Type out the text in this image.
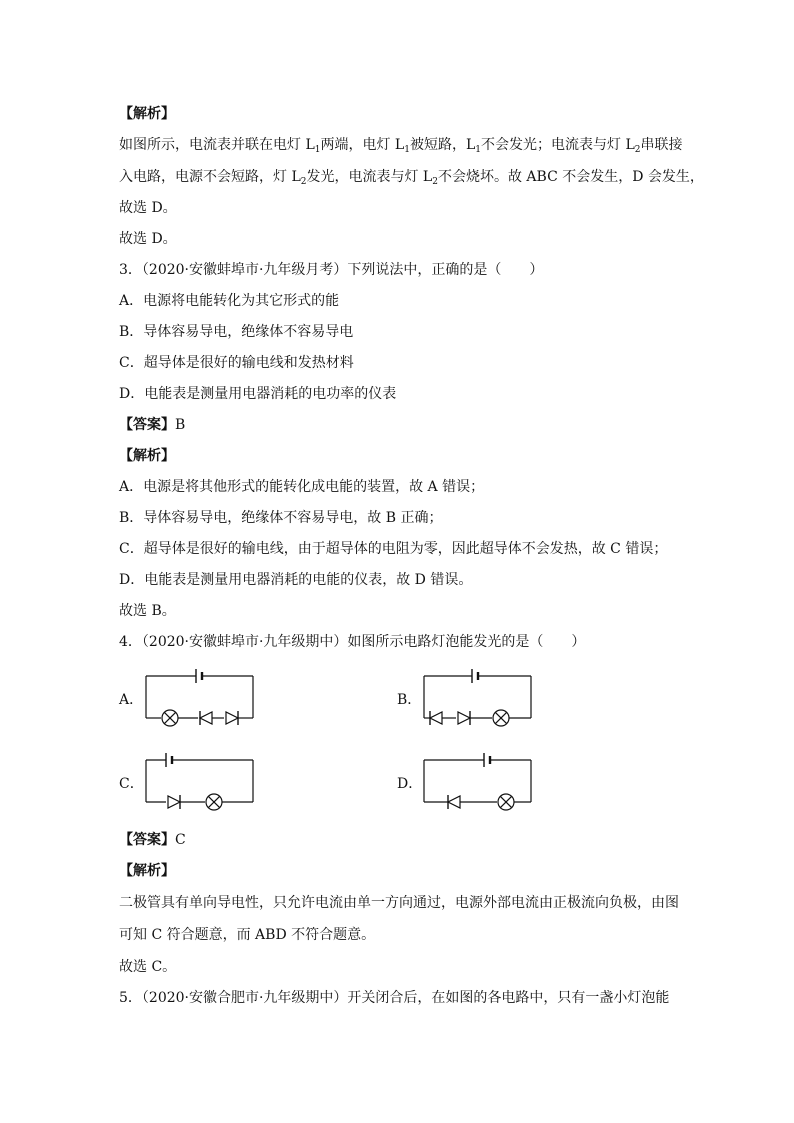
【解析】
如图所示，电流表并联在电灯 $L_1$两端，电灯 $L_1$被短路，$L_1$不会发光；电流表与灯 $L_2$串联接
入电路，电源不会短路，灯 $L_2$发光，电流表与灯 $L_2$不会烧坏。故 ABC 不会发生，D 会发生，
故选 D。
故选 D。
3．（2020·安徽蚌埠市·九年级月考）下列说法中，正确的是（　　）
A．电源将电能转化为其它形式的能
B．导体容易导电，绝缘体不容易导电
C．超导体是很好的输电线和发热材料
D．电能表是测量用电器消耗的电功率的仪表
【答案】B
【解析】
A．电源是将其他形式的能转化成电能的装置，故 A 错误；
B．导体容易导电，绝缘体不容易导电，故 B 正确；
C．超导体是很好的输电线，由于超导体的电阻为零，因此超导体不会发热，故 C 错误；
D．电能表是测量用电器消耗的电能的仪表，故 D 错误。
故选 B。
4．（2020·安徽蚌埠市·九年级期中）如图所示电路灯泡能发光的是（　　）
A．	B．
C．	D．
【答案】C
【解析】
二极管具有单向导电性，只允许电流由单一方向通过，电源外部电流由正极流向负极，由图
可知 C 符合题意，而 ABD 不符合题意。
故选 C。
5．（2020·安徽合肥市·九年级期中）开关闭合后，在如图的各电路中，只有一盏小灯泡能
